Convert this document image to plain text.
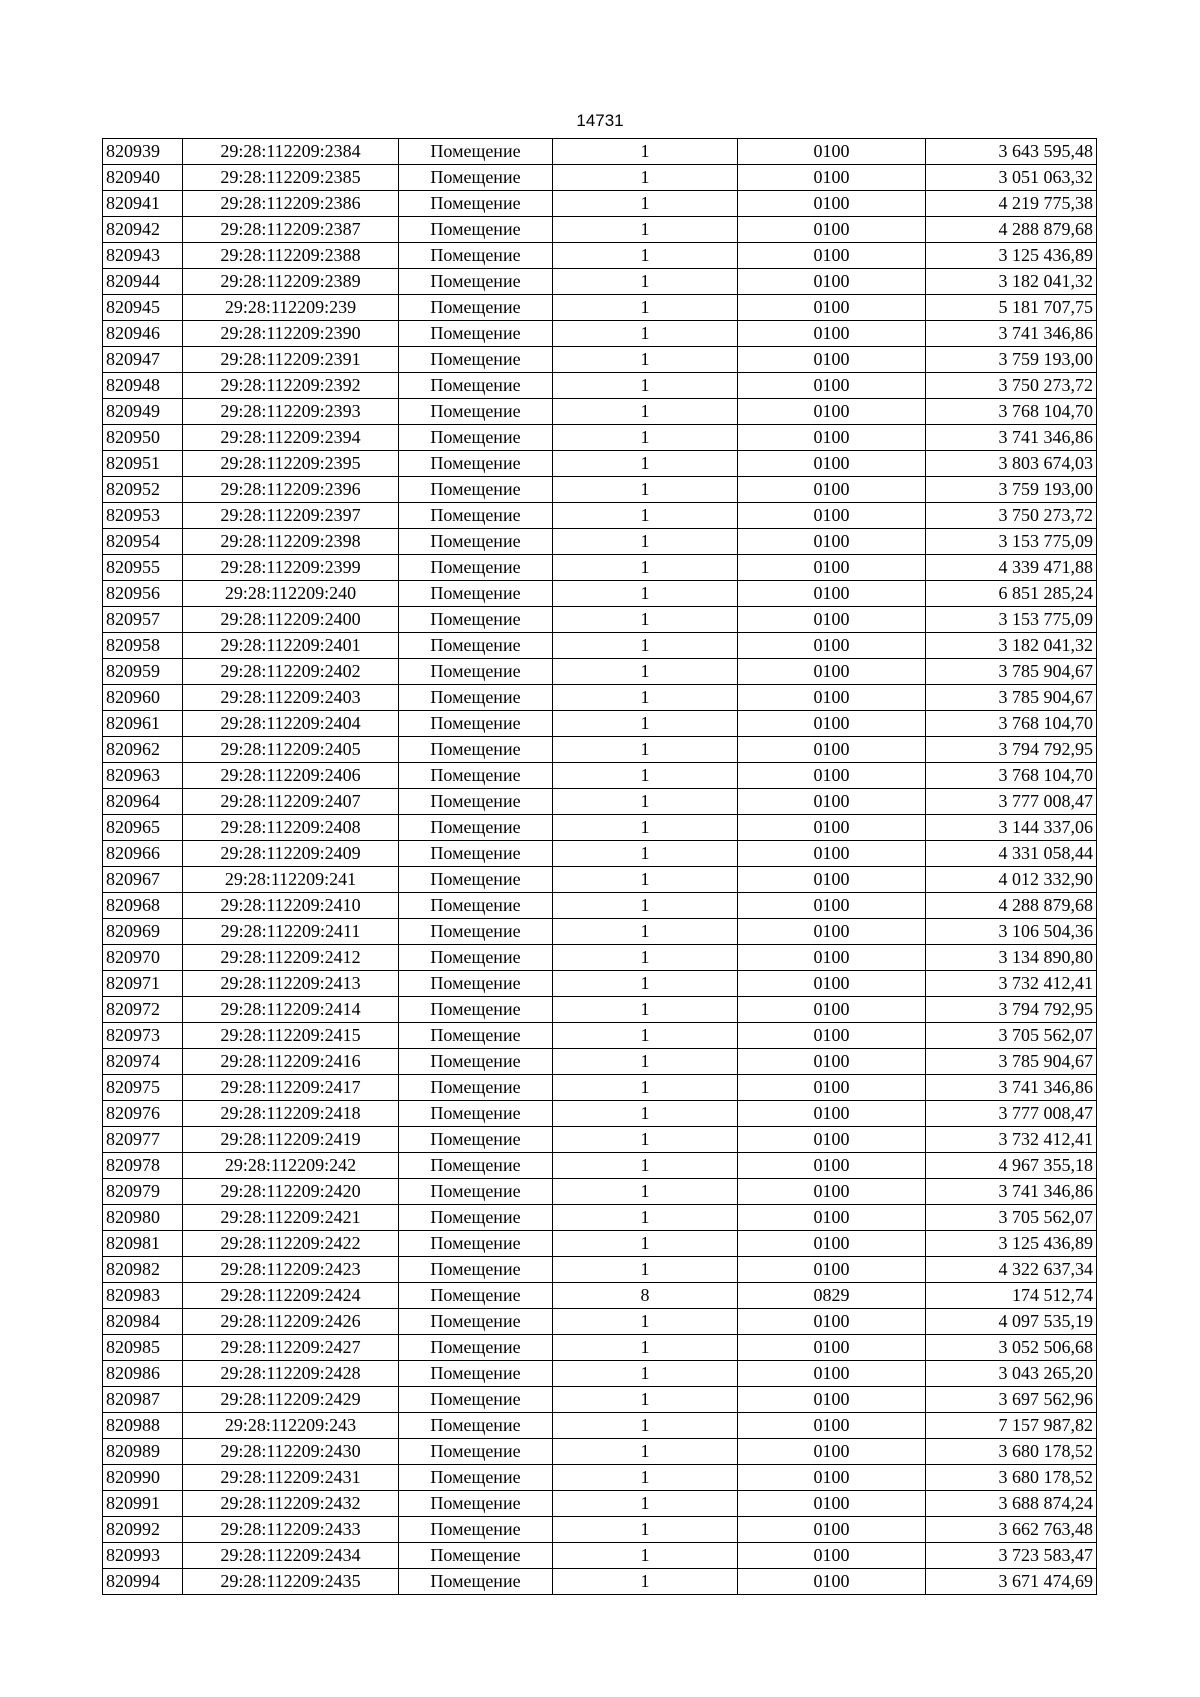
14731
820939	29:28:112209:2384	Помещение	1	0100	3 643 595,48
820940	29:28:112209:2385	Помещение	1	0100	3 051 063,32
820941	29:28:112209:2386	Помещение	1	0100	4 219 775,38
820942	29:28:112209:2387	Помещение	1	0100	4 288 879,68
820943	29:28:112209:2388	Помещение	1	0100	3 125 436,89
820944	29:28:112209:2389	Помещение	1	0100	3 182 041,32
820945	29:28:112209:239	Помещение	1	0100	5 181 707,75
820946	29:28:112209:2390	Помещение	1	0100	3 741 346,86
820947	29:28:112209:2391	Помещение	1	0100	3 759 193,00
820948	29:28:112209:2392	Помещение	1	0100	3 750 273,72
820949	29:28:112209:2393	Помещение	1	0100	3 768 104,70
820950	29:28:112209:2394	Помещение	1	0100	3 741 346,86
820951	29:28:112209:2395	Помещение	1	0100	3 803 674,03
820952	29:28:112209:2396	Помещение	1	0100	3 759 193,00
820953	29:28:112209:2397	Помещение	1	0100	3 750 273,72
820954	29:28:112209:2398	Помещение	1	0100	3 153 775,09
820955	29:28:112209:2399	Помещение	1	0100	4 339 471,88
820956	29:28:112209:240	Помещение	1	0100	6 851 285,24
820957	29:28:112209:2400	Помещение	1	0100	3 153 775,09
820958	29:28:112209:2401	Помещение	1	0100	3 182 041,32
820959	29:28:112209:2402	Помещение	1	0100	3 785 904,67
820960	29:28:112209:2403	Помещение	1	0100	3 785 904,67
820961	29:28:112209:2404	Помещение	1	0100	3 768 104,70
820962	29:28:112209:2405	Помещение	1	0100	3 794 792,95
820963	29:28:112209:2406	Помещение	1	0100	3 768 104,70
820964	29:28:112209:2407	Помещение	1	0100	3 777 008,47
820965	29:28:112209:2408	Помещение	1	0100	3 144 337,06
820966	29:28:112209:2409	Помещение	1	0100	4 331 058,44
820967	29:28:112209:241	Помещение	1	0100	4 012 332,90
820968	29:28:112209:2410	Помещение	1	0100	4 288 879,68
820969	29:28:112209:2411	Помещение	1	0100	3 106 504,36
820970	29:28:112209:2412	Помещение	1	0100	3 134 890,80
820971	29:28:112209:2413	Помещение	1	0100	3 732 412,41
820972	29:28:112209:2414	Помещение	1	0100	3 794 792,95
820973	29:28:112209:2415	Помещение	1	0100	3 705 562,07
820974	29:28:112209:2416	Помещение	1	0100	3 785 904,67
820975	29:28:112209:2417	Помещение	1	0100	3 741 346,86
820976	29:28:112209:2418	Помещение	1	0100	3 777 008,47
820977	29:28:112209:2419	Помещение	1	0100	3 732 412,41
820978	29:28:112209:242	Помещение	1	0100	4 967 355,18
820979	29:28:112209:2420	Помещение	1	0100	3 741 346,86
820980	29:28:112209:2421	Помещение	1	0100	3 705 562,07
820981	29:28:112209:2422	Помещение	1	0100	3 125 436,89
820982	29:28:112209:2423	Помещение	1	0100	4 322 637,34
820983	29:28:112209:2424	Помещение	8	0829	174 512,74
820984	29:28:112209:2426	Помещение	1	0100	4 097 535,19
820985	29:28:112209:2427	Помещение	1	0100	3 052 506,68
820986	29:28:112209:2428	Помещение	1	0100	3 043 265,20
820987	29:28:112209:2429	Помещение	1	0100	3 697 562,96
820988	29:28:112209:243	Помещение	1	0100	7 157 987,82
820989	29:28:112209:2430	Помещение	1	0100	3 680 178,52
820990	29:28:112209:2431	Помещение	1	0100	3 680 178,52
820991	29:28:112209:2432	Помещение	1	0100	3 688 874,24
820992	29:28:112209:2433	Помещение	1	0100	3 662 763,48
820993	29:28:112209:2434	Помещение	1	0100	3 723 583,47
820994	29:28:112209:2435	Помещение	1	0100	3 671 474,69
